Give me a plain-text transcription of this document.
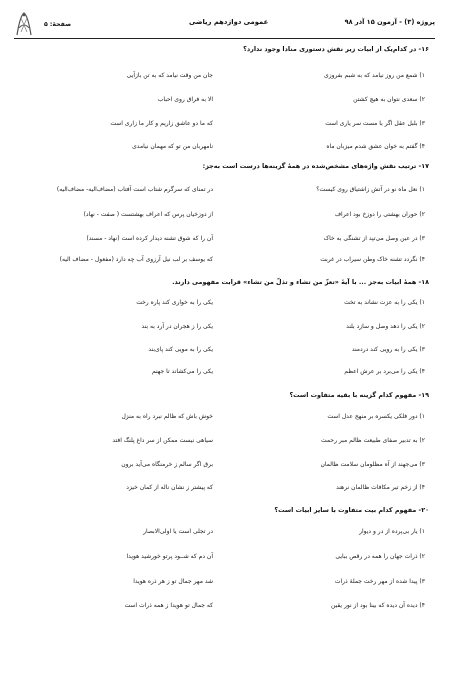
پروژه (۳) - آزمون ۱۵ آذر ۹۸
عمومی دوازدهم ریاضی
صفحهٔ: ۵
۱۶- در کدام‌یک از ابیات زیر نقش دستوری منادا وجود ندارد؟
۱) شمع من روز نیامد که به شبم بفروزی
جان من وقت نیامد که به تن بازآیی
۲) سعدی نتوان به هیچ کشتن
الا به فراق روی احباب
۳) بلبل عقل اگر با مست سر یاری است
که ما دو عاشق زاریم و کار ما زاری است
۴) گفتم به خوان عشق شدم میزبان ماه
نامهربان من تو که مهمان نیامدی
۱۷- ترتیب نقش واژه‌های مشخص‌شده در همهٔ گزینه‌ها درست است به‌جز:
۱) نعل ماه نو در آتش زاشتیاق روی کیست؟
در تمنای که سرگرم شتاب است آفتاب (مضاف‌الیه- مضاف‌الیه)
۲) حوران بهشتی را دوزخ بود اعراف
از دوزخیان پرس که اعراف بهشتست ( صفت - نهاد)
۳) در عین وصل می‌تپد از تشنگی به خاک
آن را که شوق تشنه دیدار کرده است (نهاد - مسند)
۴) نگردد تشنه خاک وطن سیراب در غربت
که یوسف بر لب نیل آرزوی آب چه دارد (مفعول - مضاف الیه)
۱۸- همهٔ ابیات به‌جز ... با آیهٔ «تعزّ من تشاء و تذلّ من تشاء» قرابت مفهومی دارند.
۱) یکی را به عزت نشاند به تخت
یکی را به خواری کند پاره رخت
۲) یکی را دهد وصل و سازد بلند
یکی را ز هجران در آرد به بند
۳) یکی را به رویی کند دردمند
یکی را به مویی کند پای‌بند
۴) یکی را می‌برد بر عرش اعظم
یکی را می‌کشاند تا جهنم
۱۹- مفهوم کدام گزینه با بقیه متفاوت است؟
۱) دور فلکی یکسره بر منهج عدل است
خوش باش که ظالم نبرد راه به منزل
۲) به تدبیر صفای طبیعت ظالم مبر رحمت
سیاهی نیست ممکن از سر داغ پلنگ افتد
۳) می‌جهند از آه مظلومان سلامت ظالمان
برق اگر سالم ز خرمنگاه می‌آید برون
۴) از زخم تیر مکافات ظالمان نرهند
که پیشتر ز نشان ناله از کمان خیزد
۲۰- مفهوم کدام بیت متفاوت با سایر ابیات است؟
۱) یار بی‌پرده از در و دیوار
در تجلی است یا اولی‌الابصار
۲) ذرات جهان را همه در رقص ببایی
آن دم که شــود پرتو خورشید هویدا
۳) پیدا شده از مهر رخت جملهٔ ذرات
شد مهر جمال تو ز هر ذره هویدا
۴) دیده آن دیده که بینا بود از نور یقین
که جمال تو هویدا ز همه ذرات است
